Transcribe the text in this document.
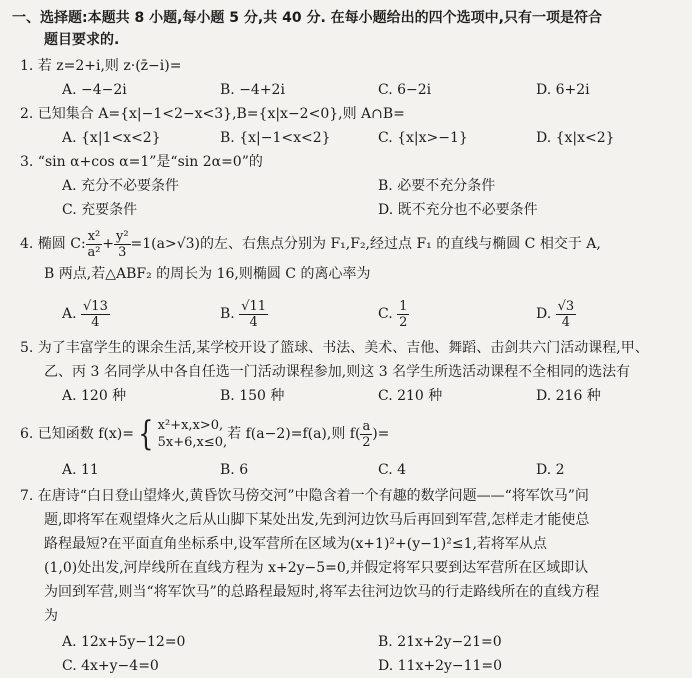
一、选择题:本题共 8 小题,每小题 5 分,共 40 分. 在每小题给出的四个选项中,只有一项是符合
题目要求的.
1. 若 z=2+i,则 z·(z̄−i)=
A. −4−2i	B. −4+2i	C. 6−2i	D. 6+2i
2. 已知集合 A={x|−1<2−x<3},B={x|x−2<0},则 A∩B=
A. {x|1<x<2}	B. {x|−1<x<2}	C. {x|x>−1}	D. {x|x<2}
3. “sin α+cos α=1”是“sin 2α=0”的
A. 充分不必要条件	B. 必要不充分条件
C. 充要条件	D. 既不充分也不必要条件
4. 椭圆 C: $\frac{\text{x²}}{\text{a²}} + \frac{\text{y²}}{3} =1(a>√3)$的左、右焦点分别为 F₁,F₂,经过点 F₁ 的直线与椭圆 C 相交于 A,
B 两点,若△ABF₂ 的周长为 16,则椭圆 C 的离心率为
A. $\frac{√13}{4}$	B. $\frac{√11}{4}$	C. $\frac{1}{2}$	D. $\frac{√3}{4}$
5. 为了丰富学生的课余生活,某学校开设了篮球、书法、美术、吉他、舞蹈、击剑共六门活动课程,甲、
乙、丙 3 名同学从中各自任选一门活动课程参加,则这 3 名学生所选活动课程不全相同的选法有
A. 120 种	B. 150 种	C. 210 种	D. 216 种
6. 已知函数 f(x)= { x²+x,x>0,
5x+6,x≤0,
若 f(a−2)=f(a),则 $f( \frac{a}{2}$ )=
A. 11	B. 6	C. 4	D. 2
7. 在唐诗“白日登山望烽火,黄昏饮马傍交河”中隐含着一个有趣的数学问题——“将军饮马”问
题,即将军在观望烽火之后从山脚下某处出发,先到河边饮马后再回到军营,怎样走才能使总
路程最短?在平面直角坐标系中,设军营所在区域为(x+1)²+(y−1)²≤1,若将军从点
(1,0)处出发,河岸线所在直线方程为 x+2y−5=0,并假定将军只要到达军营所在区域即认
为回到军营,则当“将军饮马”的总路程最短时,将军去往河边饮马的行走路线所在的直线方程
为
A. 12x+5y−12=0	B. 21x+2y−21=0
C. 4x+y−4=0	D. 11x+2y−11=0
